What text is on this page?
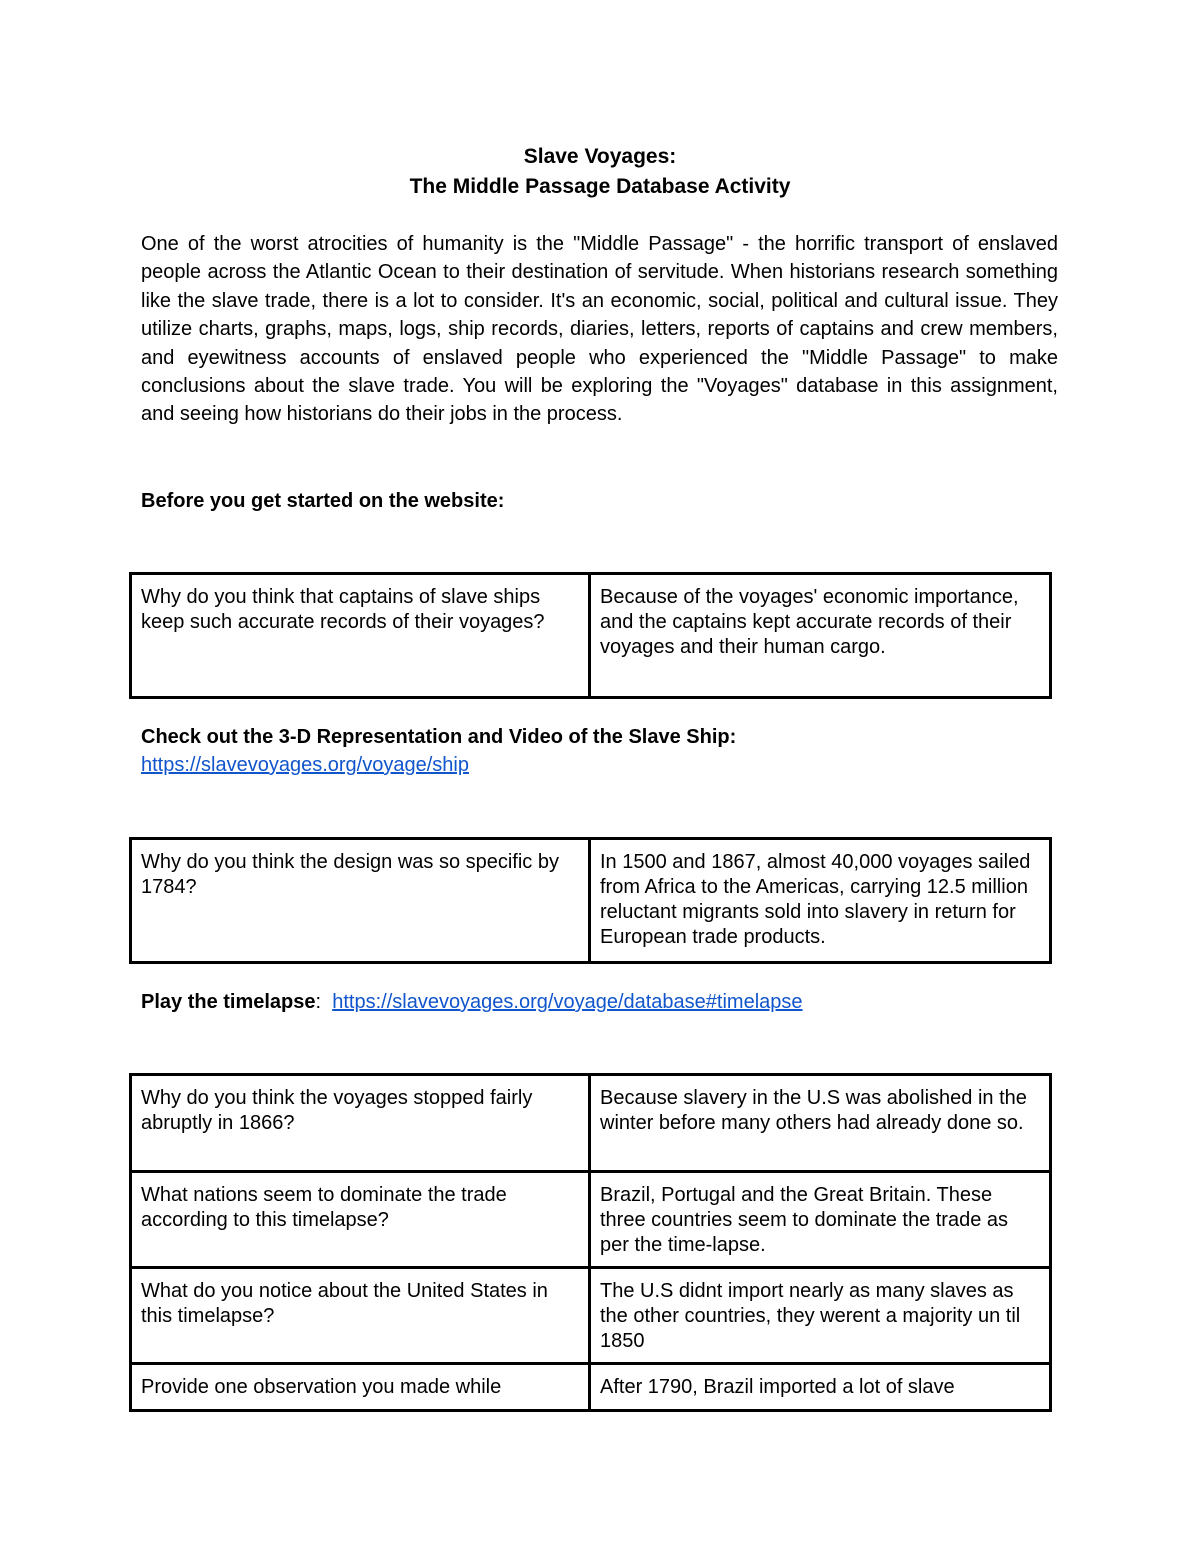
Slave Voyages:
The Middle Passage Database Activity

One of the worst atrocities of humanity is the "Middle Passage" - the horrific transport of enslaved people across the Atlantic Ocean to their destination of servitude. When historians research something like the slave trade, there is a lot to consider. It's an economic, social, political and cultural issue. They utilize charts, graphs, maps, logs, ship records, diaries, letters, reports of captains and crew members, and eyewitness accounts of enslaved people who experienced the "Middle Passage" to make conclusions about the slave trade. You will be exploring the "Voyages" database in this assignment, and seeing how historians do their jobs in the process.

Before you get started on the website:

Why do you think that captains of slave ships keep such accurate records of their voyages?	Because of the voyages' economic importance, and the captains kept accurate records of their voyages and their human cargo.

Check out the 3-D Representation and Video of the Slave Ship:

https://slavevoyages.org/voyage/ship

Why do you think the design was so specific by 1784?	In 1500 and 1867, almost 40,000 voyages sailed from Africa to the Americas, carrying 12.5 million reluctant migrants sold into slavery in return for European trade products.

Play the timelapse: https://slavevoyages.org/voyage/database#timelapse

Why do you think the voyages stopped fairly abruptly in 1866?	Because slavery in the U.S was abolished in the winter before many others had already done so.
What nations seem to dominate the trade according to this timelapse?	Brazil, Portugal and the Great Britain. These three countries seem to dominate the trade as per the time-lapse.
What do you notice about the United States in this timelapse?	The U.S didnt import nearly as many slaves as the other countries, they werent a majority un til 1850
Provide one observation you made while	After 1790, Brazil imported a lot of slave
